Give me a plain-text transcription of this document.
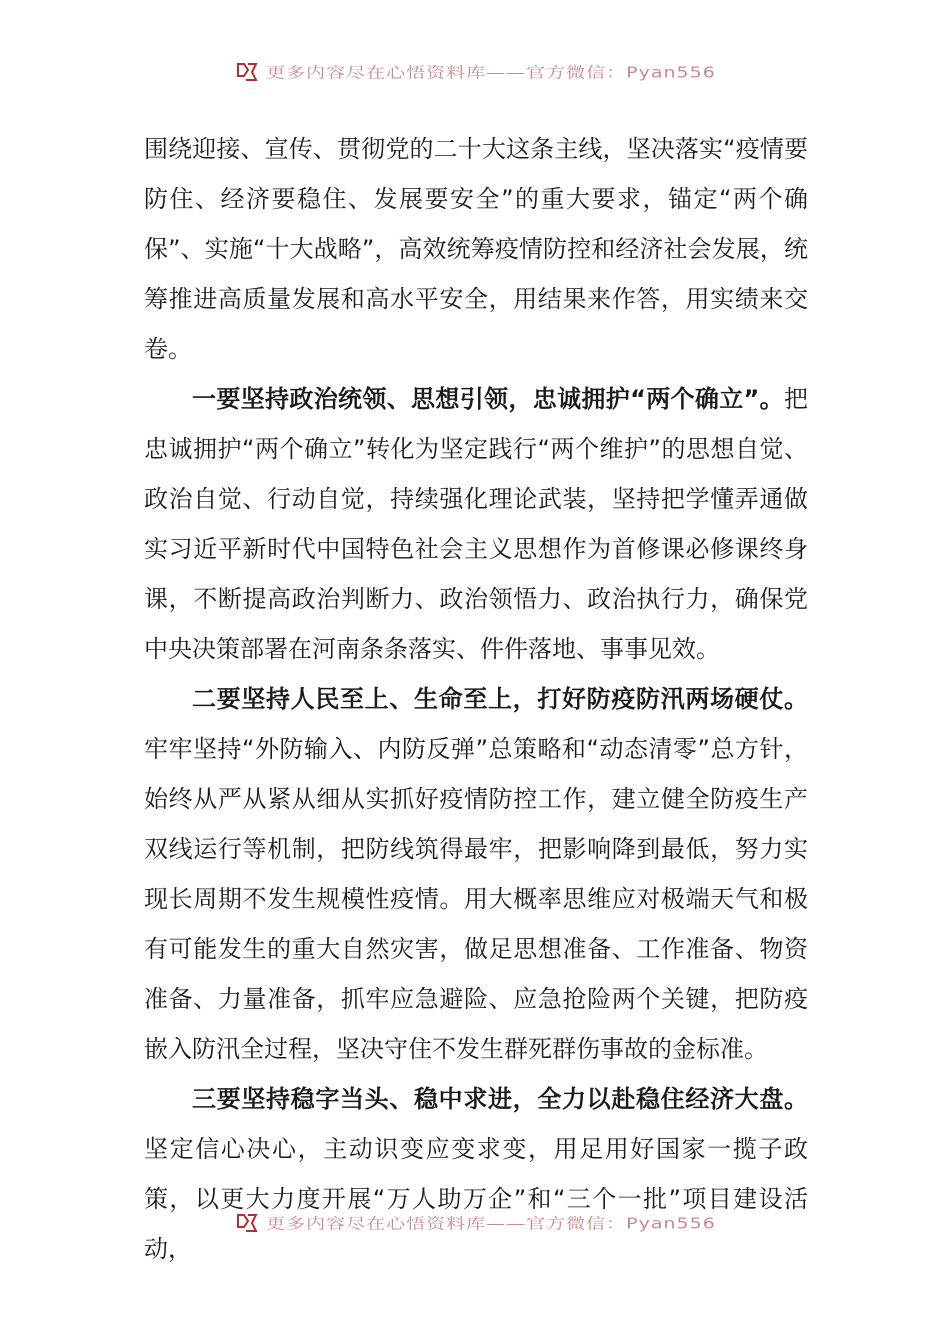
更多内容尽在心悟资料库——官方微信：Pyan556

围绕迎接、宣传、贯彻党的二十大这条主线，坚决落实“疫情要防住、经济要稳住、发展要安全”的重大要求，锚定“两个确保”、实施“十大战略”，高效统筹疫情防控和经济社会发展，统筹推进高质量发展和高水平安全，用结果来作答，用实绩来交卷。

一要坚持政治统领、思想引领，忠诚拥护“两个确立”。把忠诚拥护“两个确立”转化为坚定践行“两个维护”的思想自觉、政治自觉、行动自觉，持续强化理论武装，坚持把学懂弄通做实习近平新时代中国特色社会主义思想作为首修课必修课终身课，不断提高政治判断力、政治领悟力、政治执行力，确保党中央决策部署在河南条条落实、件件落地、事事见效。

二要坚持人民至上、生命至上，打好防疫防汛两场硬仗。牢牢坚持“外防输入、内防反弹”总策略和“动态清零”总方针，始终从严从紧从细从实抓好疫情防控工作，建立健全防疫生产双线运行等机制，把防线筑得最牢，把影响降到最低，努力实现长周期不发生规模性疫情。用大概率思维应对极端天气和极有可能发生的重大自然灾害，做足思想准备、工作准备、物资准备、力量准备，抓牢应急避险、应急抢险两个关键，把防疫嵌入防汛全过程，坚决守住不发生群死群伤事故的金标准。

三要坚持稳字当头、稳中求进，全力以赴稳住经济大盘。坚定信心决心，主动识变应变求变，用足用好国家一揽子政策，以更大力度开展“万人助万企”和“三个一批”项目建设活动，

更多内容尽在心悟资料库——官方微信：Pyan556
